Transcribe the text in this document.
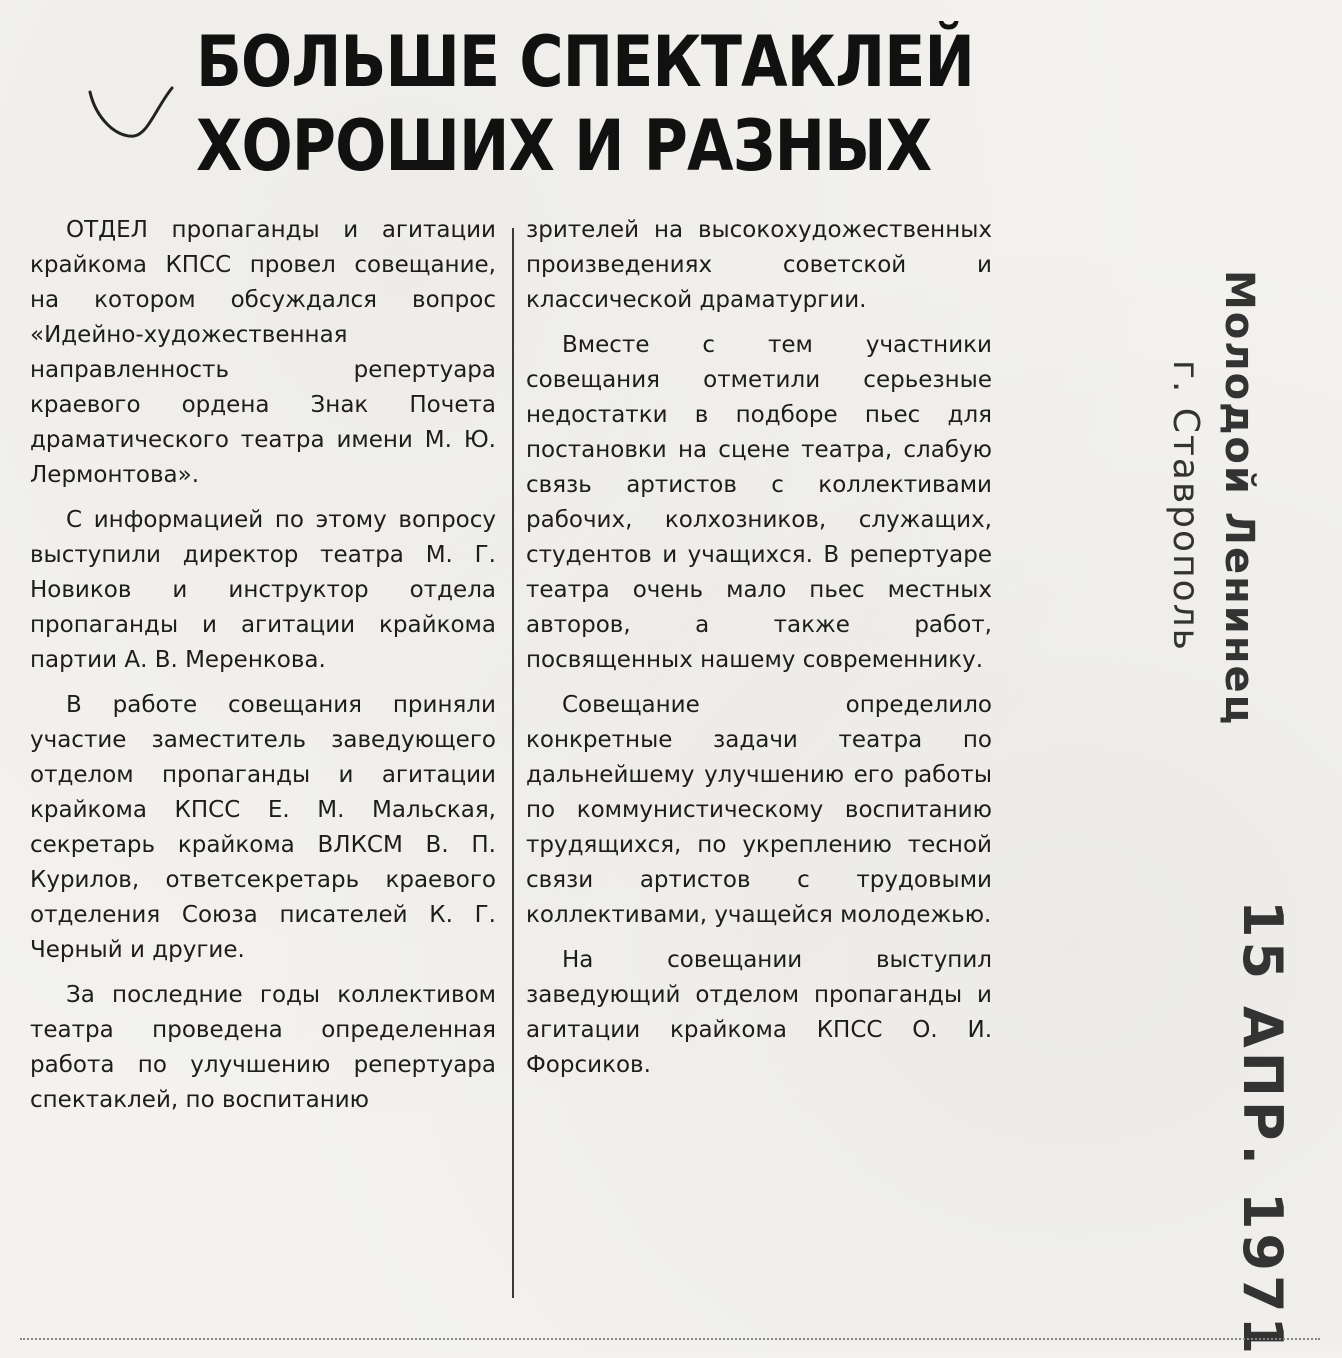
БОЛЬШЕ СПЕКТАКЛЕЙ
ХОРОШИХ И РАЗНЫХ

ОТДЕЛ пропаганды и агитации крайкома КПСС провел совещание, на котором обсуждался вопрос «Идейно-художественная направленность репертуара краевого ордена Знак Почета драматического театра имени М. Ю. Лермонтова».

С информацией по этому вопросу выступили директор театра М. Г. Новиков и инструктор отдела пропаганды и агитации крайкома партии А. В. Меренкова.

В работе совещания приняли участие заместитель заведующего отделом пропаганды и агитации крайкома КПСС Е. М. Мальская, секретарь крайкома ВЛКСМ В. П. Курилов, ответсекретарь краевого отделения Союза писателей К. Г. Черный и другие.

За последние годы коллективом театра проведена определенная работа по улучшению репертуара спектаклей, по воспитанию

зрителей на высокохудожественных произведениях советской и классической драматургии.

Вместе с тем участники совещания отметили серьезные недостатки в подборе пьес для постановки на сцене театра, слабую связь артистов с коллективами рабочих, колхозников, служащих, студентов и учащихся. В репертуаре театра очень мало пьес местных авторов, а также работ, посвященных нашему современнику.

Совещание определило конкретные задачи театра по дальнейшему улучшению его работы по коммунистическому воспитанию трудящихся, по укреплению тесной связи артистов с трудовыми коллективами, учащейся молодежью.

На совещании выступил заведующий отделом пропаганды и агитации крайкома КПСС О. И. Форсиков.

Молодой Ленинец
г. Ставрополь
15 АПР. 1971
